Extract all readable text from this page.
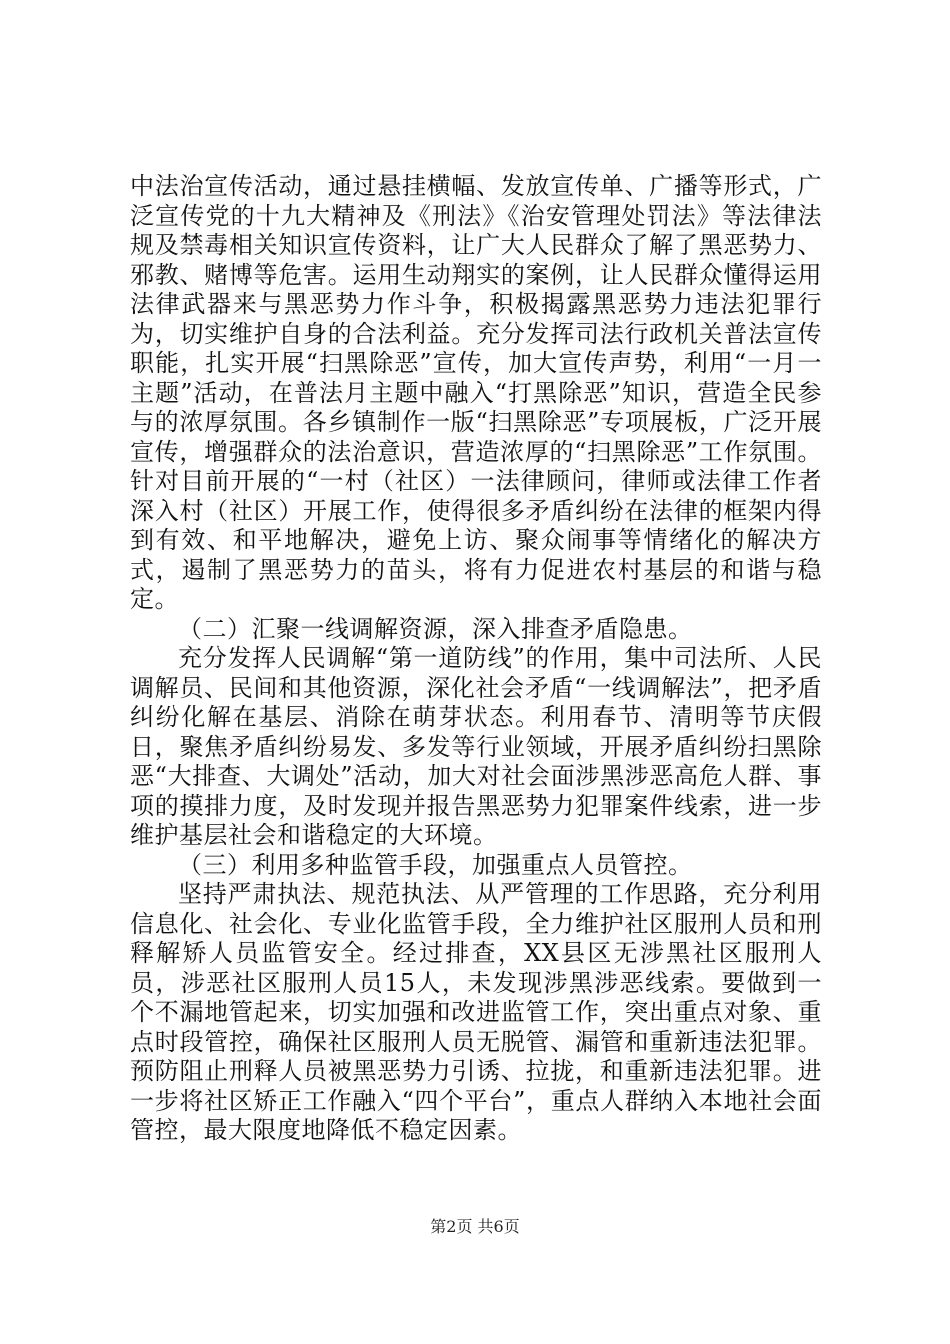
中法治宣传活动，通过悬挂横幅、发放宣传单、广播等形式，广泛宣传党的十九大精神及《刑法》《治安管理处罚法》等法律法规及禁毒相关知识宣传资料，让广大人民群众了解了黑恶势力、邪教、赌博等危害。运用生动翔实的案例，让人民群众懂得运用法律武器来与黑恶势力作斗争，积极揭露黑恶势力违法犯罪行为，切实维护自身的合法利益。充分发挥司法行政机关普法宣传职能，扎实开展“扫黑除恶”宣传，加大宣传声势，利用“一月一主题”活动，在普法月主题中融入“打黑除恶”知识，营造全民参与的浓厚氛围。各乡镇制作一版“扫黑除恶”专项展板，广泛开展宣传，增强群众的法治意识，营造浓厚的“扫黑除恶”工作氛围。针对目前开展的“一村（社区）一法律顾问，律师或法律工作者深入村（社区）开展工作，使得很多矛盾纠纷在法律的框架内得到有效、和平地解决，避免上访、聚众闹事等情绪化的解决方式，遏制了黑恶势力的苗头，将有力促进农村基层的和谐与稳定。

（二）汇聚一线调解资源，深入排查矛盾隐患。

充分发挥人民调解“第一道防线”的作用，集中司法所、人民调解员、民间和其他资源，深化社会矛盾“一线调解法”，把矛盾纠纷化解在基层、消除在萌芽状态。利用春节、清明等节庆假日，聚焦矛盾纠纷易发、多发等行业领域，开展矛盾纠纷扫黑除恶“大排查、大调处”活动，加大对社会面涉黑涉恶高危人群、事项的摸排力度，及时发现并报告黑恶势力犯罪案件线索，进一步维护基层社会和谐稳定的大环境。

（三）利用多种监管手段，加强重点人员管控。

坚持严肃执法、规范执法、从严管理的工作思路，充分利用信息化、社会化、专业化监管手段，全力维护社区服刑人员和刑释解矫人员监管安全。经过排查，XX县区无涉黑社区服刑人员，涉恶社区服刑人员15人，未发现涉黑涉恶线索。要做到一个不漏地管起来，切实加强和改进监管工作，突出重点对象、重点时段管控，确保社区服刑人员无脱管、漏管和重新违法犯罪。预防阻止刑释人员被黑恶势力引诱、拉拢，和重新违法犯罪。进一步将社区矫正工作融入“四个平台”，重点人群纳入本地社会面管控，最大限度地降低不稳定因素。

第2页 共6页
